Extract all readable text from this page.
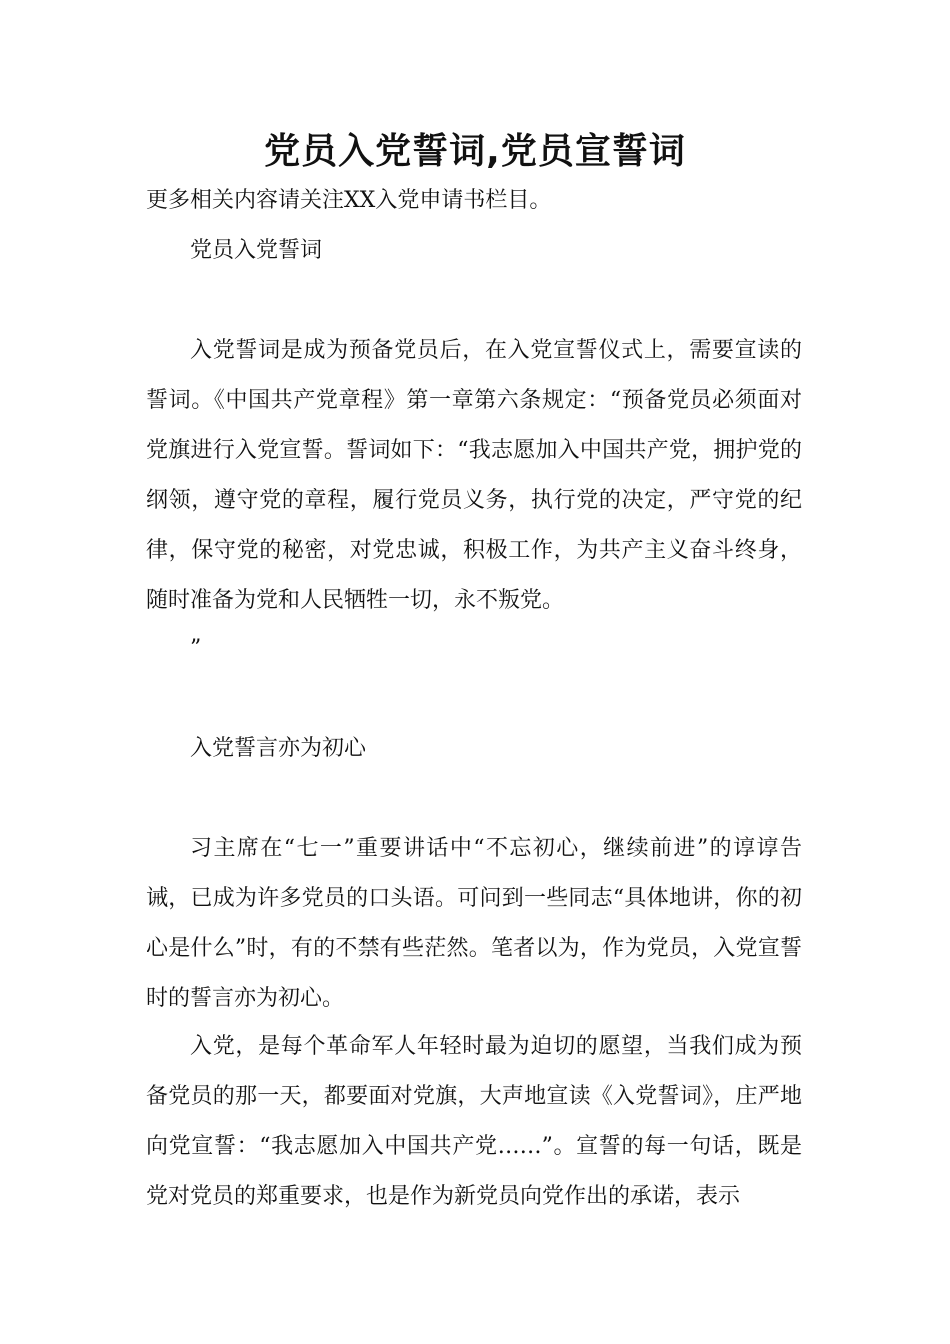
党员入党誓词,党员宣誓词

更多相关内容请关注XX入党申请书栏目。

党员入党誓词

入党誓词是成为预备党员后，在入党宣誓仪式上，需要宣读的誓词。《中国共产党章程》第一章第六条规定：“预备党员必须面对党旗进行入党宣誓。誓词如下：“我志愿加入中国共产党，拥护党的纲领，遵守党的章程，履行党员义务，执行党的决定，严守党的纪律，保守党的秘密，对党忠诚，积极工作，为共产主义奋斗终身，随时准备为党和人民牺牲一切，永不叛党。

”

入党誓言亦为初心

习主席在“七一”重要讲话中“不忘初心，继续前进”的谆谆告诫，已成为许多党员的口头语。可问到一些同志“具体地讲，你的初心是什么”时，有的不禁有些茫然。笔者以为，作为党员，入党宣誓时的誓言亦为初心。

入党，是每个革命军人年轻时最为迫切的愿望，当我们成为预备党员的那一天，都要面对党旗，大声地宣读《入党誓词》，庄严地向党宣誓：“我志愿加入中国共产党……”。宣誓的每一句话，既是党对党员的郑重要求，也是作为新党员向党作出的承诺，表示
